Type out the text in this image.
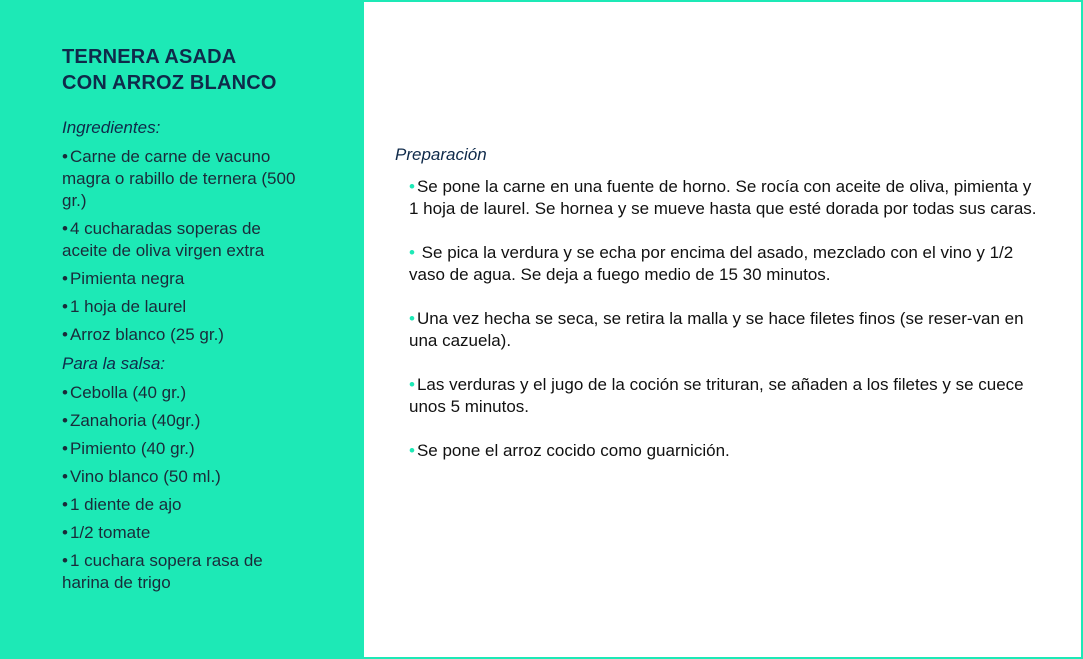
TERNERA ASADA
CON ARROZ BLANCO
Ingredientes:
• Carne de carne de vacuno magra o rabillo de ternera (500 gr.)
• 4 cucharadas soperas de aceite de oliva virgen extra
• Pimienta negra
• 1 hoja de laurel
• Arroz blanco (25 gr.)
Para la salsa:
• Cebolla (40 gr.)
• Zanahoria (40gr.)
• Pimiento (40 gr.)
• Vino blanco (50 ml.)
• 1 diente de ajo
• 1/2 tomate
• 1 cuchara sopera rasa de harina de trigo
Preparación
• Se pone la carne en una fuente de horno. Se rocía con aceite de oliva, pimienta y 1 hoja de laurel. Se hornea y se mueve hasta que esté dorada por todas sus caras.
• Se pica la verdura y se echa por encima del asado, mezclado con el vino y 1/2 vaso de agua. Se deja a fuego medio de 15 30 minutos.
• Una vez hecha se seca, se retira la malla y se hace filetes finos (se reser-van en una cazuela).
• Las verduras y el jugo de la coción se trituran, se añaden a los filetes y se cuece unos 5 minutos.
• Se pone el arroz cocido como guarnición.
